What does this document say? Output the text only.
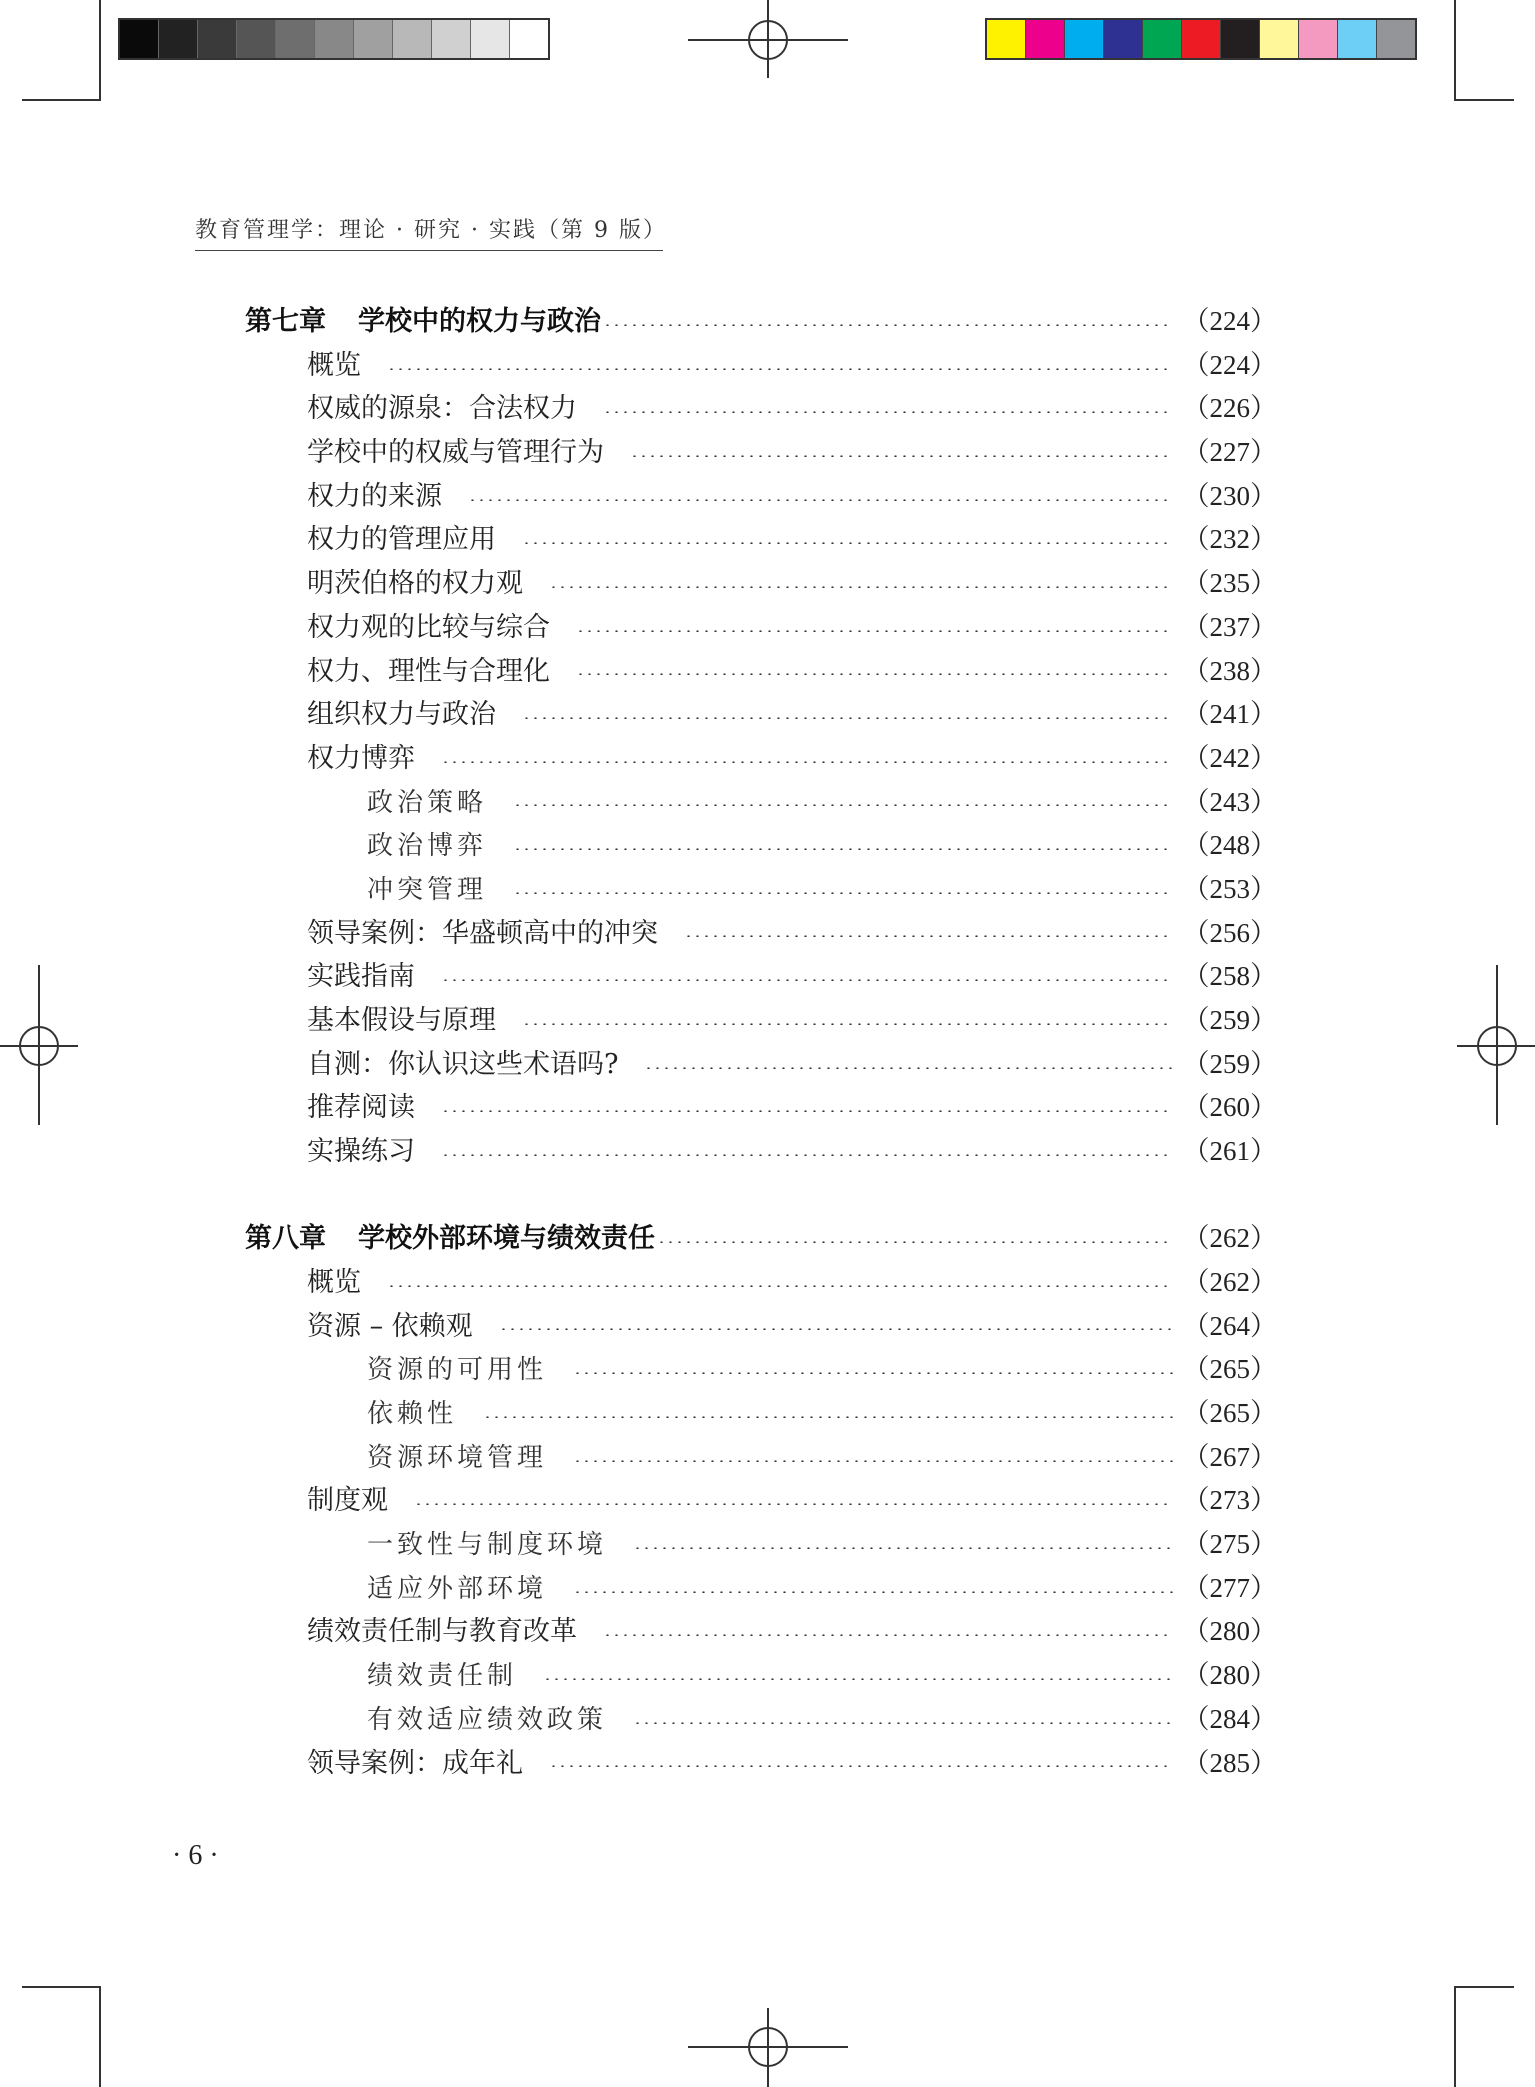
教育管理学：理论 · 研究 · 实践（第 9 版）
第七章 学校中的权力与政治	（224）
概览	（224）
权威的源泉：合法权力	（226）
学校中的权威与管理行为	（227）
权力的来源	（230）
权力的管理应用	（232）
明茨伯格的权力观	（235）
权力观的比较与综合	（237）
权力、理性与合理化	（238）
组织权力与政治	（241）
权力博弈	（242）
政治策略	（243）
政治博弈	（248）
冲突管理	（253）
领导案例：华盛顿高中的冲突	（256）
实践指南	（258）
基本假设与原理	（259）
自测：你认识这些术语吗?	（259）
推荐阅读	（260）
实操练习	（261）
第八章 学校外部环境与绩效责任	（262）
概览	（262）
资源 – 依赖观	（264）
资源的可用性	（265）
依赖性	（265）
资源环境管理	（267）
制度观	（273）
一致性与制度环境	（275）
适应外部环境	（277）
绩效责任制与教育改革	（280）
绩效责任制	（280）
有效适应绩效政策	（284）
领导案例：成年礼	（285）
· 6 ·
